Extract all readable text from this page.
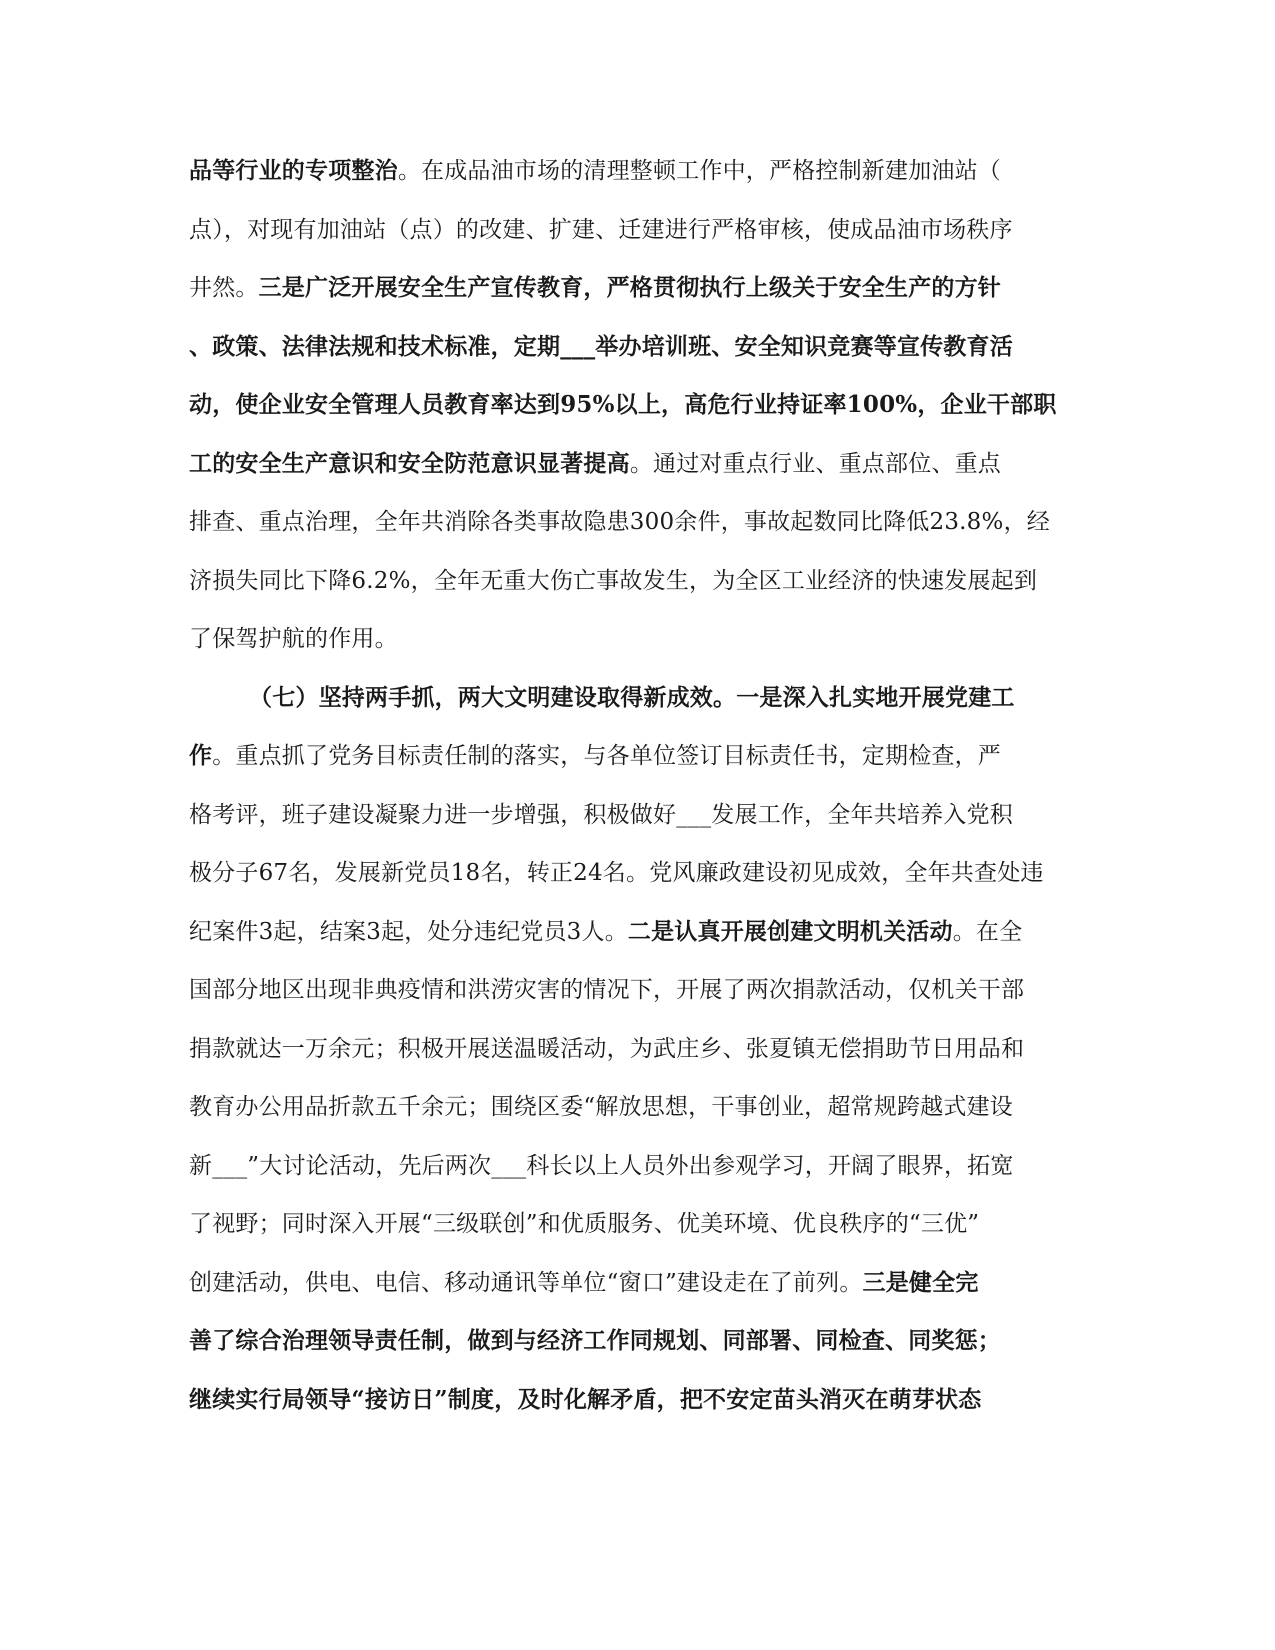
品等行业的专项整治。在成品油市场的清理整顿工作中，严格控制新建加油站（
点），对现有加油站（点）的改建、扩建、迁建进行严格审核，使成品油市场秩序
井然。三是广泛开展安全生产宣传教育，严格贯彻执行上级关于安全生产的方针
、政策、法律法规和技术标准，定期___举办培训班、安全知识竞赛等宣传教育活
动，使企业安全管理人员教育率达到95%以上，高危行业持证率100%，企业干部职
工的安全生产意识和安全防范意识显著提高。通过对重点行业、重点部位、重点
排查、重点治理，全年共消除各类事故隐患300余件，事故起数同比降低23.8%，经
济损失同比下降6.2%，全年无重大伤亡事故发生，为全区工业经济的快速发展起到
了保驾护航的作用。
（七）坚持两手抓，两大文明建设取得新成效。一是深入扎实地开展党建工
作。重点抓了党务目标责任制的落实，与各单位签订目标责任书，定期检查，严
格考评，班子建设凝聚力进一步增强，积极做好___发展工作，全年共培养入党积
极分子67名，发展新党员18名，转正24名。党风廉政建设初见成效，全年共查处违
纪案件3起，结案3起，处分违纪党员3人。二是认真开展创建文明机关活动。在全
国部分地区出现非典疫情和洪涝灾害的情况下，开展了两次捐款活动，仅机关干部
捐款就达一万余元；积极开展送温暖活动，为武庄乡、张夏镇无偿捐助节日用品和
教育办公用品折款五千余元；围绕区委“解放思想，干事创业，超常规跨越式建设
新___”大讨论活动，先后两次___科长以上人员外出参观学习，开阔了眼界，拓宽
了视野；同时深入开展“三级联创”和优质服务、优美环境、优良秩序的“三优”
创建活动，供电、电信、移动通讯等单位“窗口”建设走在了前列。三是健全完
善了综合治理领导责任制，做到与经济工作同规划、同部署、同检查、同奖惩；
继续实行局领导“接访日”制度，及时化解矛盾，把不安定苗头消灭在萌芽状态
